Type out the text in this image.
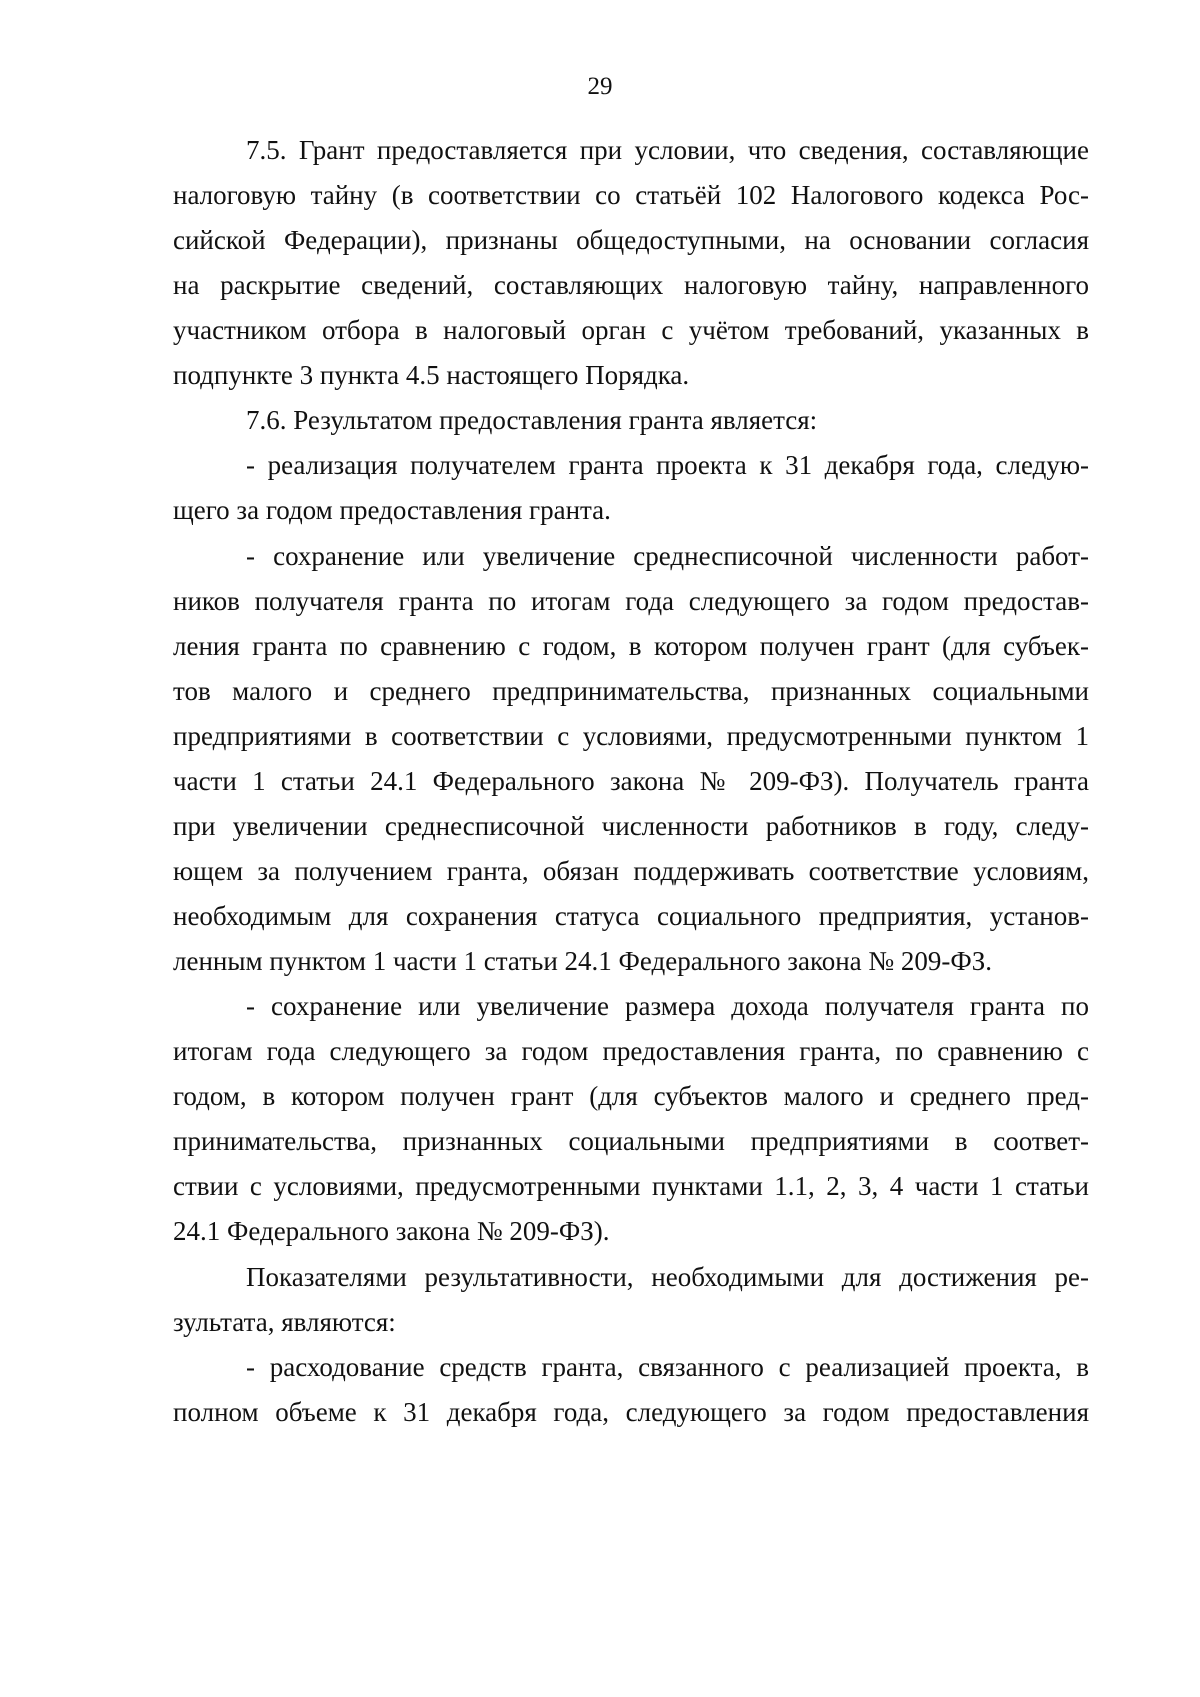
29
7.5. Грант предоставляется при условии, что сведения, составляющие
налоговую тайну (в соответствии со статьёй 102 Налогового кодекса Рос-
сийской Федерации), признаны общедоступными, на основании согласия
на раскрытие сведений, составляющих налоговую тайну, направленного
участником отбора в налоговый орган с учётом требований, указанных в
подпункте 3 пункта 4.5 настоящего Порядка.
7.6. Результатом предоставления гранта является:
- реализация получателем гранта проекта к 31 декабря года, следую-
щего за годом предоставления гранта.
- сохранение или увеличение среднесписочной численности работ-
ников получателя гранта по итогам года следующего за годом предостав-
ления гранта по сравнению с годом, в котором получен грант (для субъек-
тов малого и среднего предпринимательства, признанных социальными
предприятиями в соответствии с условиями, предусмотренными пунктом 1
части 1 статьи 24.1 Федерального закона № 209-ФЗ). Получатель гранта
при увеличении среднесписочной численности работников в году, следу-
ющем за получением гранта, обязан поддерживать соответствие условиям,
необходимым для сохранения статуса социального предприятия, установ-
ленным пунктом 1 части 1 статьи 24.1 Федерального закона № 209-ФЗ.
- сохранение или увеличение размера дохода получателя гранта по
итогам года следующего за годом предоставления гранта, по сравнению с
годом, в котором получен грант (для субъектов малого и среднего пред-
принимательства, признанных социальными предприятиями в соответ-
ствии с условиями, предусмотренными пунктами 1.1, 2, 3, 4 части 1 статьи
24.1 Федерального закона № 209-ФЗ).
Показателями результативности, необходимыми для достижения ре-
зультата, являются:
- расходование средств гранта, связанного с реализацией проекта, в
полном объеме к 31 декабря года, следующего за годом предоставления
